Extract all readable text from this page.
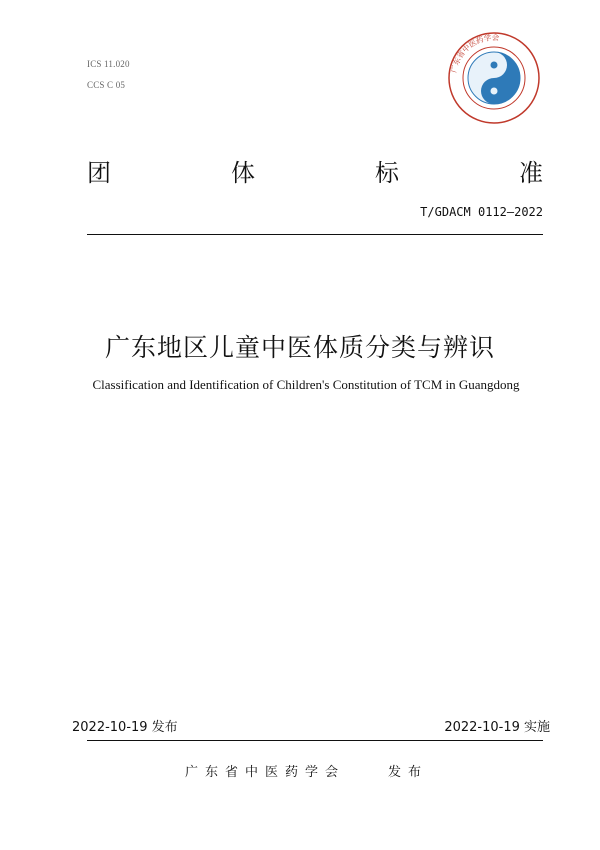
ICS 11.020
CCS C 05
广东省中医药学会
团	体	标	准
T/GDACM 0112—2022
广东地区儿童中医体质分类与辨识
Classification and Identification of Children's Constitution of TCM in Guangdong
2022-10-19 发布	2022-10-19 实施
广东省中医药学会	发布
